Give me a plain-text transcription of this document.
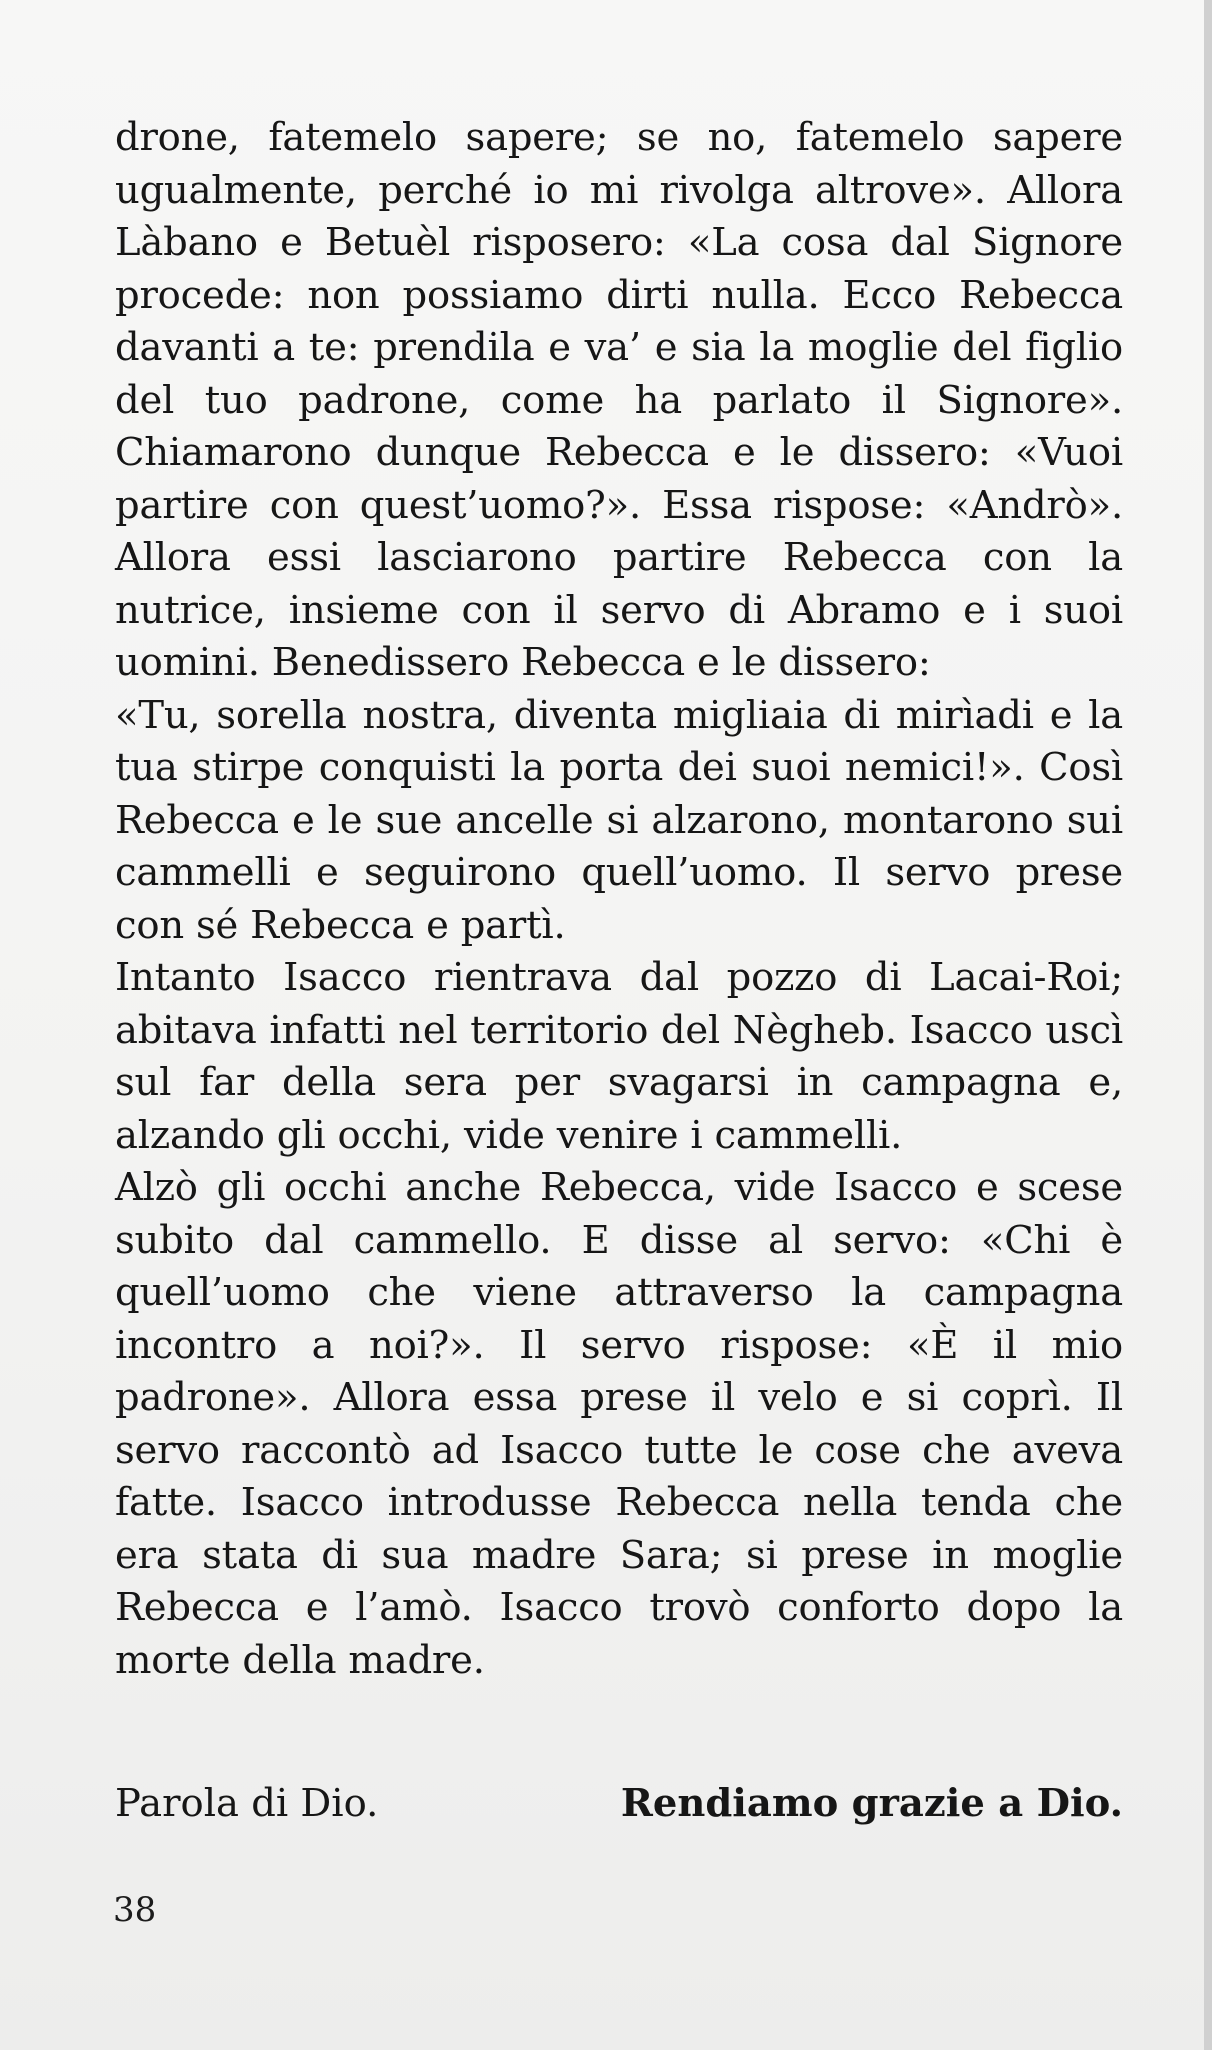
drone, fatemelo sapere; se no, fatemelo sapere ugualmente, perché io mi rivolga altrove». Allora Làbano e Betuèl risposero: «La cosa dal Signore procede: non possiamo dirti nulla. Ecco Rebecca davanti a te: prendila e va’ e sia la moglie del figlio del tuo padrone, come ha parlato il Signore». Chiamarono dunque Rebecca e le dissero: «Vuoi partire con quest’uomo?». Essa rispose: «Andrò». Allora essi lasciarono partire Rebecca con la nutrice, insieme con il servo di Abramo e i suoi uomini. Benedissero Rebecca e le dissero:

«Tu, sorella nostra, diventa migliaia di mirìadi e la tua stirpe conquisti la porta dei suoi nemici!». Così Rebecca e le sue ancelle si alzarono, montarono sui cammelli e seguirono quell’uomo. Il servo prese con sé Rebecca e partì.

Intanto Isacco rientrava dal pozzo di Lacai-Roi; abitava infatti nel territorio del Nègheb. Isacco uscì sul far della sera per svagarsi in campagna e, alzando gli occhi, vide venire i cammelli.

Alzò gli occhi anche Rebecca, vide Isacco e scese subito dal cammello. E disse al servo: «Chi è quell’uomo che viene attraverso la campagna incontro a noi?». Il servo rispose: «È il mio padrone». Allora essa prese il velo e si coprì. Il servo raccontò ad Isacco tutte le cose che aveva fatte. Isacco introdusse Rebecca nella tenda che era stata di sua madre Sara; si prese in moglie Rebecca e l’amò. Isacco trovò conforto dopo la morte della madre.

Parola di Dio.	Rendiamo grazie a Dio.
38
